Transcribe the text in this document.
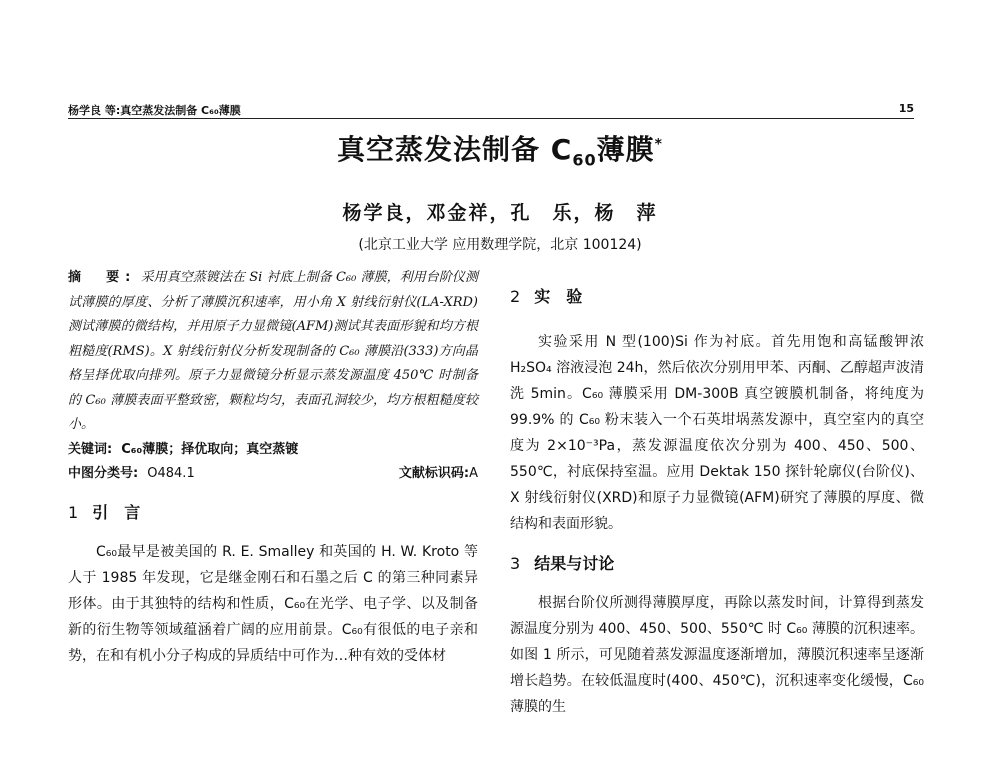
杨学良 等:真空蒸发法制备 C₆₀薄膜	15
真空蒸发法制备 $C_{60}$薄膜*
杨学良，邓金祥，孔　乐，杨　萍
(北京工业大学 应用数理学院，北京 100124)

摘　要: 采用真空蒸镀法在 Si 衬底上制备 C₆₀ 薄膜，利用台阶仪测试薄膜的厚度、分析了薄膜沉积速率，用小角 X 射线衍射仪(LA-XRD)测试薄膜的微结构，并用原子力显微镜(AFM)测试其表面形貌和均方根粗糙度(RMS)。X 射线衍射仪分析发现制备的 C₆₀ 薄膜沿(333)方向晶格呈择优取向排列。原子力显微镜分析显示蒸发源温度 450℃ 时制备的 C₆₀ 薄膜表面平整致密，颗粒均匀，表面孔洞较少，均方根粗糙度较小。

关键词: C₆₀薄膜；择优取向；真空蒸镀
中图分类号: O484.1	文献标识码:A
1 引　言

C₆₀最早是被美国的 R. E. Smalley 和英国的 H. W. Kroto 等人于 1985 年发现，它是继金刚石和石墨之后 C 的第三种同素异形体。由于其独特的结构和性质，C₆₀在光学、电子学、以及制备新的衍生物等领域蕴涵着广阔的应用前景。C₆₀有很低的电子亲和势，在和有机小分子构成的异质结中可作为…种有效的受体材

2 实　验

实验采用 N 型(100)Si 作为衬底。首先用饱和高锰酸钾浓 H₂SO₄ 溶液浸泡 24h，然后依次分别用甲苯、丙酮、乙醇超声波清洗 5min。C₆₀ 薄膜采用 DM-300B 真空镀膜机制备，将纯度为 99.9% 的 C₆₀ 粉末装入一个石英坩埚蒸发源中，真空室内的真空度为 2×10⁻³Pa，蒸发源温度依次分别为 400、450、500、550℃，衬底保持室温。应用 Dektak 150 探针轮廓仪(台阶仪)、X 射线衍射仪(XRD)和原子力显微镜(AFM)研究了薄膜的厚度、微结构和表面形貌。

3 结果与讨论

根据台阶仪所测得薄膜厚度，再除以蒸发时间，计算得到蒸发源温度分别为 400、450、500、550℃ 时 C₆₀ 薄膜的沉积速率。如图 1 所示，可见随着蒸发源温度逐渐增加，薄膜沉积速率呈逐渐增长趋势。在较低温度时(400、450℃)，沉积速率变化缓慢，C₆₀ 薄膜的生
